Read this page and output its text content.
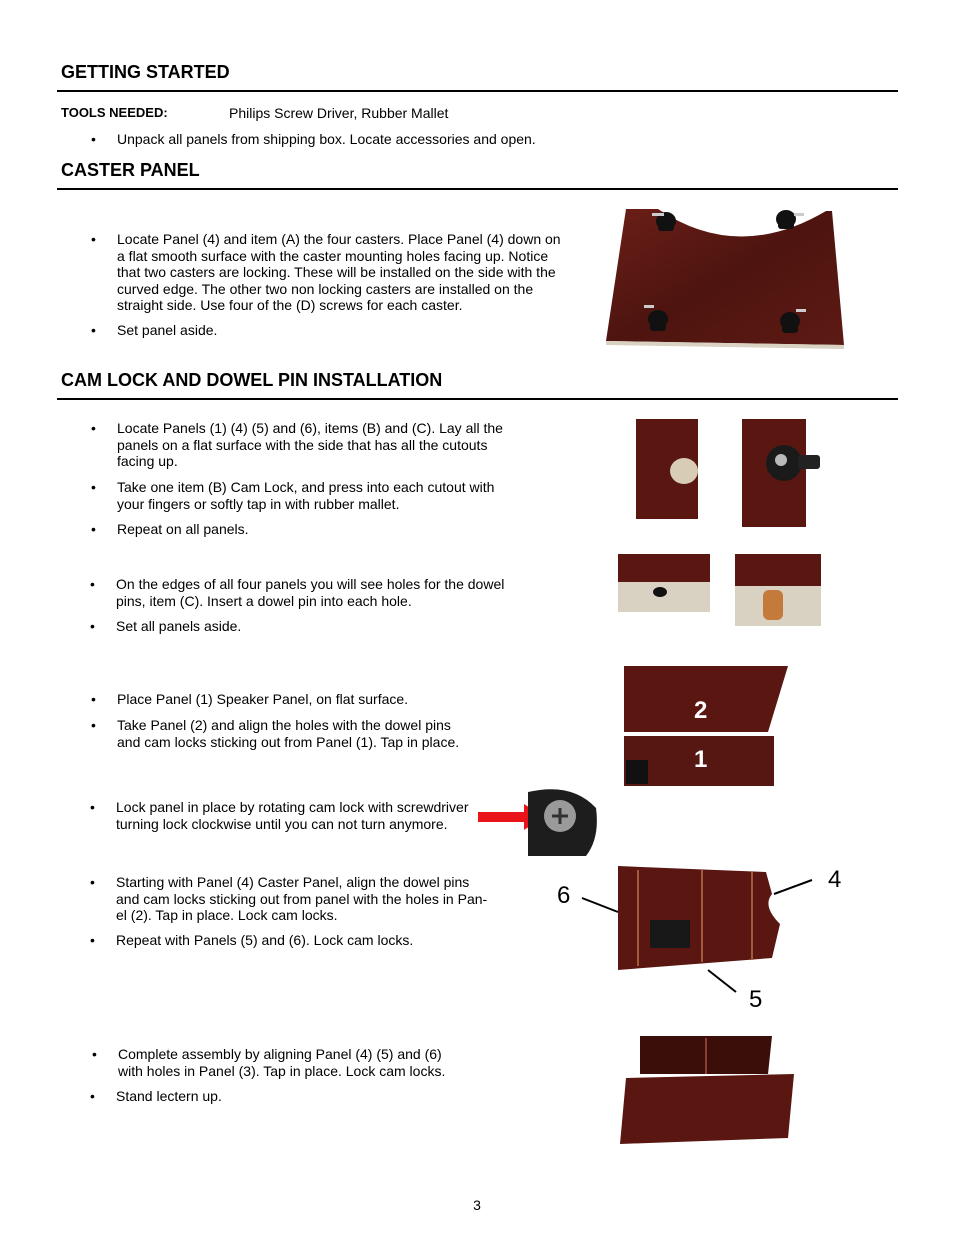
GETTING STARTED
TOOLS NEEDED:	Philips Screw Driver, Rubber Mallet
• Unpack all panels from shipping box. Locate accessories and open.
CASTER PANEL
• Locate Panel (4) and item (A) the four casters. Place Panel (4) down on
a flat smooth surface with the caster mounting holes facing up. Notice
that two casters are locking. These will be installed on the side with the
curved edge. The other two non locking casters are installed on the
straight side. Use four of the (D) screws for each caster.
• Set panel aside.
CAM LOCK AND DOWEL PIN INSTALLATION
• Locate Panels (1) (4) (5) and (6), items (B) and (C). Lay all the
panels on a flat surface with the side that has all the cutouts
facing up.
• Take one item (B) Cam Lock, and press into each cutout with
your fingers or softly tap in with rubber mallet.
• Repeat on all panels.
• On the edges of all four panels you will see holes for the dowel
pins, item (C). Insert a dowel pin into each hole.
• Set all panels aside.
• Place Panel (1) Speaker Panel, on flat surface.
• Take Panel (2) and align the holes with the dowel pins
and cam locks sticking out from Panel (1). Tap in place.
2
1
• Lock panel in place by rotating cam lock with screwdriver
turning lock clockwise until you can not turn anymore.
• Starting with Panel (4) Caster Panel, align the dowel pins
and cam locks sticking out from panel with the holes in Pan-
el (2). Tap in place. Lock cam locks.
• Repeat with Panels (5) and (6). Lock cam locks.
6
4
5
• Complete assembly by aligning Panel (4) (5) and (6)
with holes in Panel (3). Tap in place. Lock cam locks.
• Stand lectern up.
3
